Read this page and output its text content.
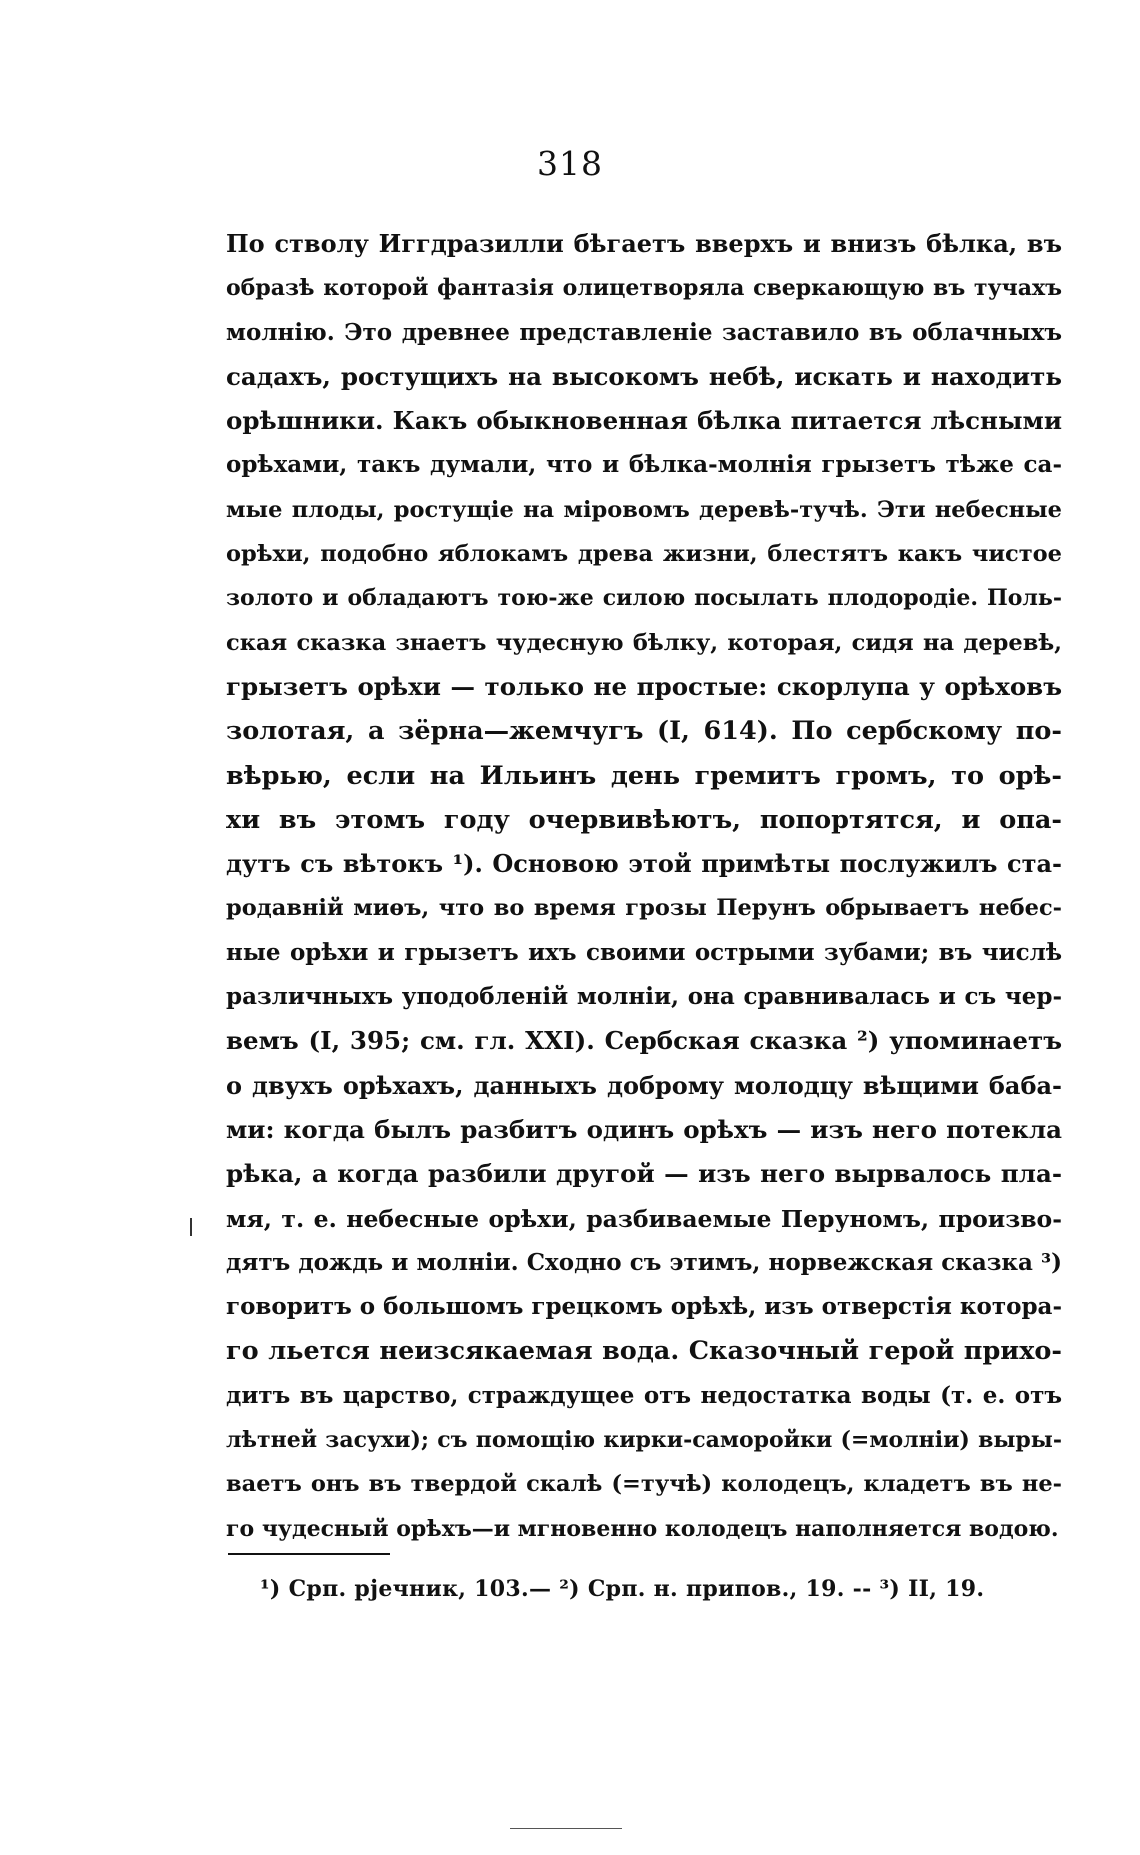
318
По стволу Иггдразилли бѣгаетъ вверхъ и внизъ бѣлка, въ
образѣ которой фантазія олицетворяла сверкающую въ тучахъ
молнію. Это древнее представленіе заставило въ облачныхъ
садахъ, ростущихъ на высокомъ небѣ, искать и находить
орѣшники. Какъ обыкновенная бѣлка питается лѣсными
орѣхами, такъ думали, что и бѣлка-молнія грызетъ тѣже са-
мые плоды, ростущіе на міровомъ деревѣ-тучѣ. Эти небесные
орѣхи, подобно яблокамъ древа жизни, блестятъ какъ чистое
золото и обладаютъ тою-же силою посылать плодородіе. Поль-
ская сказка знаетъ чудесную бѣлку, которая, сидя на деревѣ,
грызетъ орѣхи — только не простые: скорлупа у орѣховъ
золотая, а зёрна—жемчугъ (I, 614). По сербскому по-
вѣрью, если на Ильинъ день гремитъ громъ, то орѣ-
хи въ этомъ году очервивѣютъ, попортятся, и опа-
дутъ съ вѣтокъ ¹). Основою этой примѣты послужилъ ста-
родавній миѳъ, что во время грозы Перунъ обрываетъ небес-
ные орѣхи и грызетъ ихъ своими острыми зубами; въ числѣ
различныхъ уподобленій молніи, она сравнивалась и съ чер-
вемъ (I, 395; см. гл. XXI). Сербская сказка ²) упоминаетъ
о двухъ орѣхахъ, данныхъ доброму молодцу вѣщими баба-
ми: когда былъ разбитъ одинъ орѣхъ — изъ него потекла
рѣка, а когда разбили другой — изъ него вырвалось пла-
мя, т. е. небесные орѣхи, разбиваемые Перуномъ, произво-
дятъ дождь и молніи. Сходно съ этимъ, норвежская сказка ³)
говоритъ о большомъ грецкомъ орѣхѣ, изъ отверстія котора-
го льется неизсякаемая вода. Сказочный герой прихо-
дитъ въ царство, страждущее отъ недостатка воды (т. е. отъ
лѣтней засухи); съ помощію кирки-саморойки (=молніи) выры-
ваетъ онъ въ твердой скалѣ (=тучѣ) колодецъ, кладетъ въ не-
го чудесный орѣхъ—и мгновенно колодецъ наполняется водою.
¹) Срп. рјечник, 103.— ²) Срп. н. припов., 19. -- ³) II, 19.
